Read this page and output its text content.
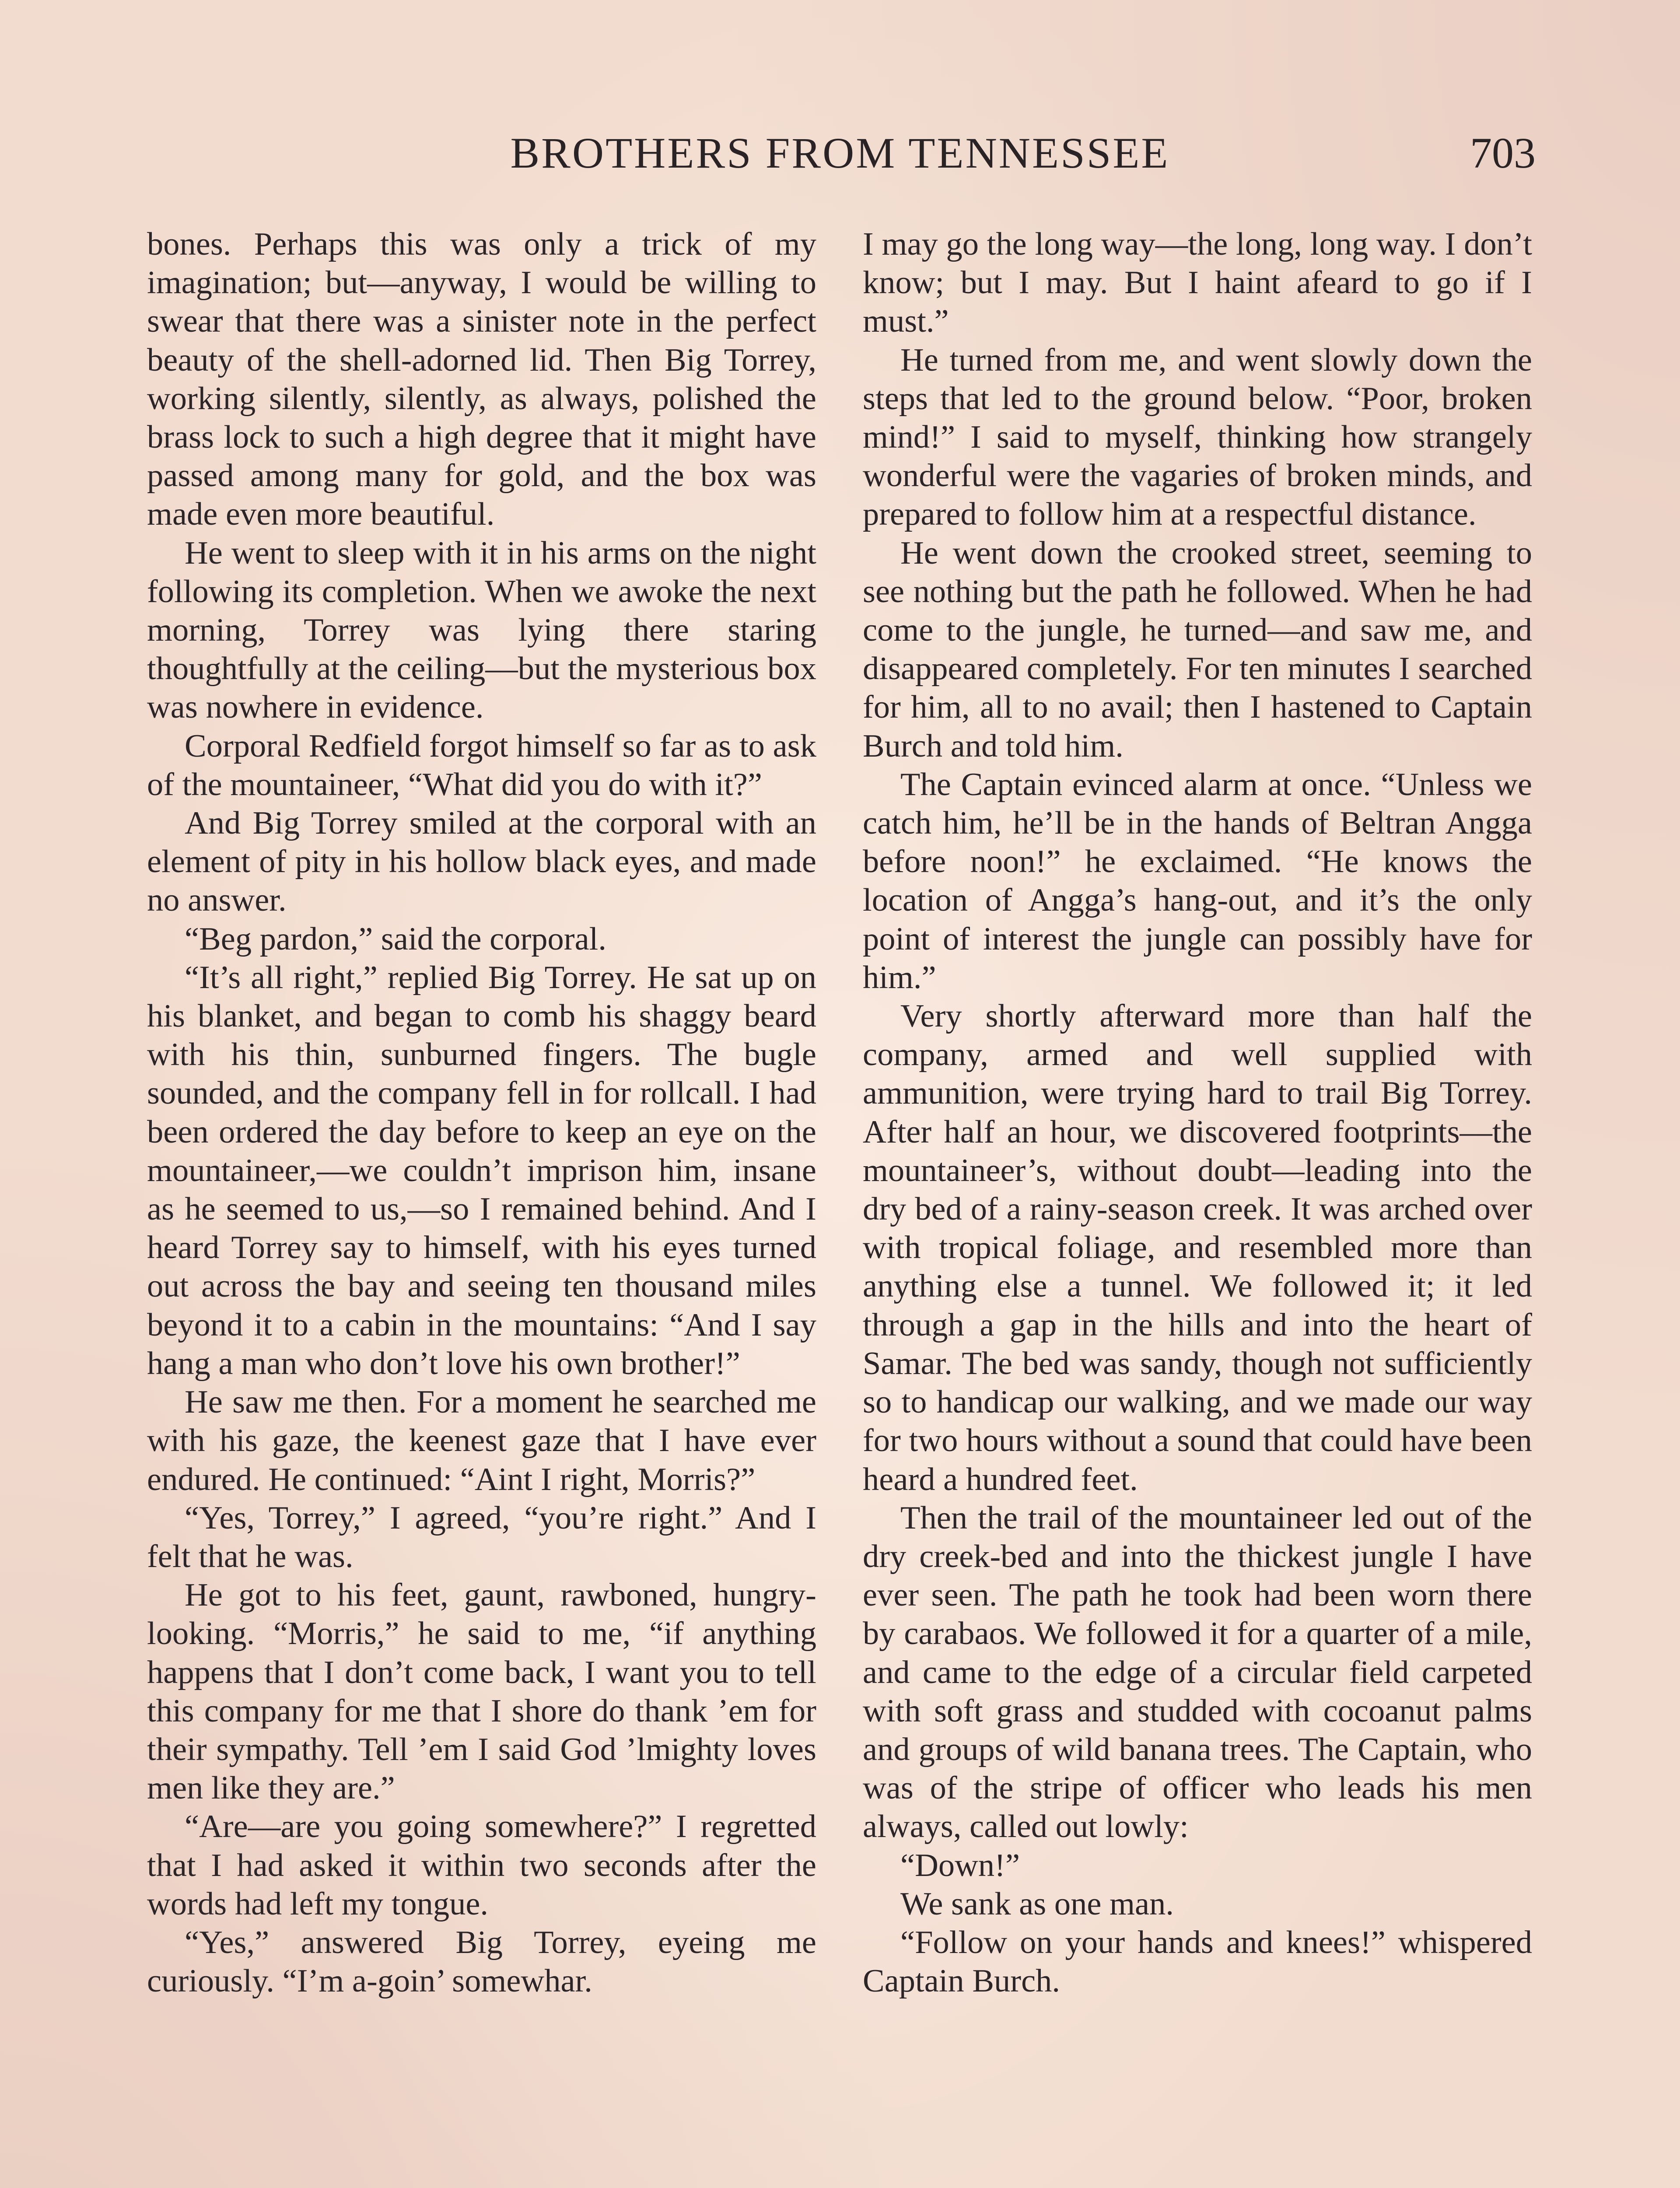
BROTHERS FROM TENNESSEE	703

bones. Perhaps this was only a trick of my imagination; but—anyway, I would be willing to swear that there was a sinister note in the perfect beauty of the shell-adorned lid. Then Big Torrey, working silently, silently, as always, polished the brass lock to such a high degree that it might have passed among many for gold, and the box was made even more beautiful.

He went to sleep with it in his arms on the night following its completion. When we awoke the next morning, Torrey was lying there staring thoughtfully at the ceiling—but the mysterious box was nowhere in evidence.

Corporal Redfield forgot himself so far as to ask of the mountaineer, “What did you do with it?”

And Big Torrey smiled at the corporal with an element of pity in his hollow black eyes, and made no answer.

“Beg pardon,” said the corporal.

“It’s all right,” replied Big Torrey. He sat up on his blanket, and began to comb his shaggy beard with his thin, sunburned fingers. The bugle sounded, and the company fell in for rollcall. I had been ordered the day before to keep an eye on the mountaineer,—we couldn’t imprison him, insane as he seemed to us,—so I remained behind. And I heard Torrey say to himself, with his eyes turned out across the bay and seeing ten thousand miles beyond it to a cabin in the mountains: “And I say hang a man who don’t love his own brother!”

He saw me then. For a moment he searched me with his gaze, the keenest gaze that I have ever endured. He continued: “Aint I right, Morris?”

“Yes, Torrey,” I agreed, “you’re right.” And I felt that he was.

He got to his feet, gaunt, rawboned, hungry-looking. “Morris,” he said to me, “if anything happens that I don’t come back, I want you to tell this company for me that I shore do thank ’em for their sympathy. Tell ’em I said God ’lmighty loves men like they are.”

“Are—are you going somewhere?” I regretted that I had asked it within two seconds after the words had left my tongue.

“Yes,” answered Big Torrey, eyeing me curiously. “I’m a-goin’ somewhar.

I may go the long way—the long, long way. I don’t know; but I may. But I haint afeard to go if I must.”

He turned from me, and went slowly down the steps that led to the ground below. “Poor, broken mind!” I said to myself, thinking how strangely wonderful were the vagaries of broken minds, and prepared to follow him at a respectful distance.

He went down the crooked street, seeming to see nothing but the path he followed. When he had come to the jungle, he turned—and saw me, and disappeared completely. For ten minutes I searched for him, all to no avail; then I hastened to Captain Burch and told him.

The Captain evinced alarm at once. “Unless we catch him, he’ll be in the hands of Beltran Angga before noon!” he exclaimed. “He knows the location of Angga’s hang-out, and it’s the only point of interest the jungle can possibly have for him.”

Very shortly afterward more than half the company, armed and well supplied with ammunition, were trying hard to trail Big Torrey. After half an hour, we discovered footprints—the mountaineer’s, without doubt—leading into the dry bed of a rainy-season creek. It was arched over with tropical foliage, and resembled more than anything else a tunnel. We followed it; it led through a gap in the hills and into the heart of Samar. The bed was sandy, though not sufficiently so to handicap our walking, and we made our way for two hours without a sound that could have been heard a hundred feet.

Then the trail of the mountaineer led out of the dry creek-bed and into the thickest jungle I have ever seen. The path he took had been worn there by carabaos. We followed it for a quarter of a mile, and came to the edge of a circular field carpeted with soft grass and studded with cocoanut palms and groups of wild banana trees. The Captain, who was of the stripe of officer who leads his men always, called out lowly:

“Down!”

We sank as one man.

“Follow on your hands and knees!” whispered Captain Burch.
